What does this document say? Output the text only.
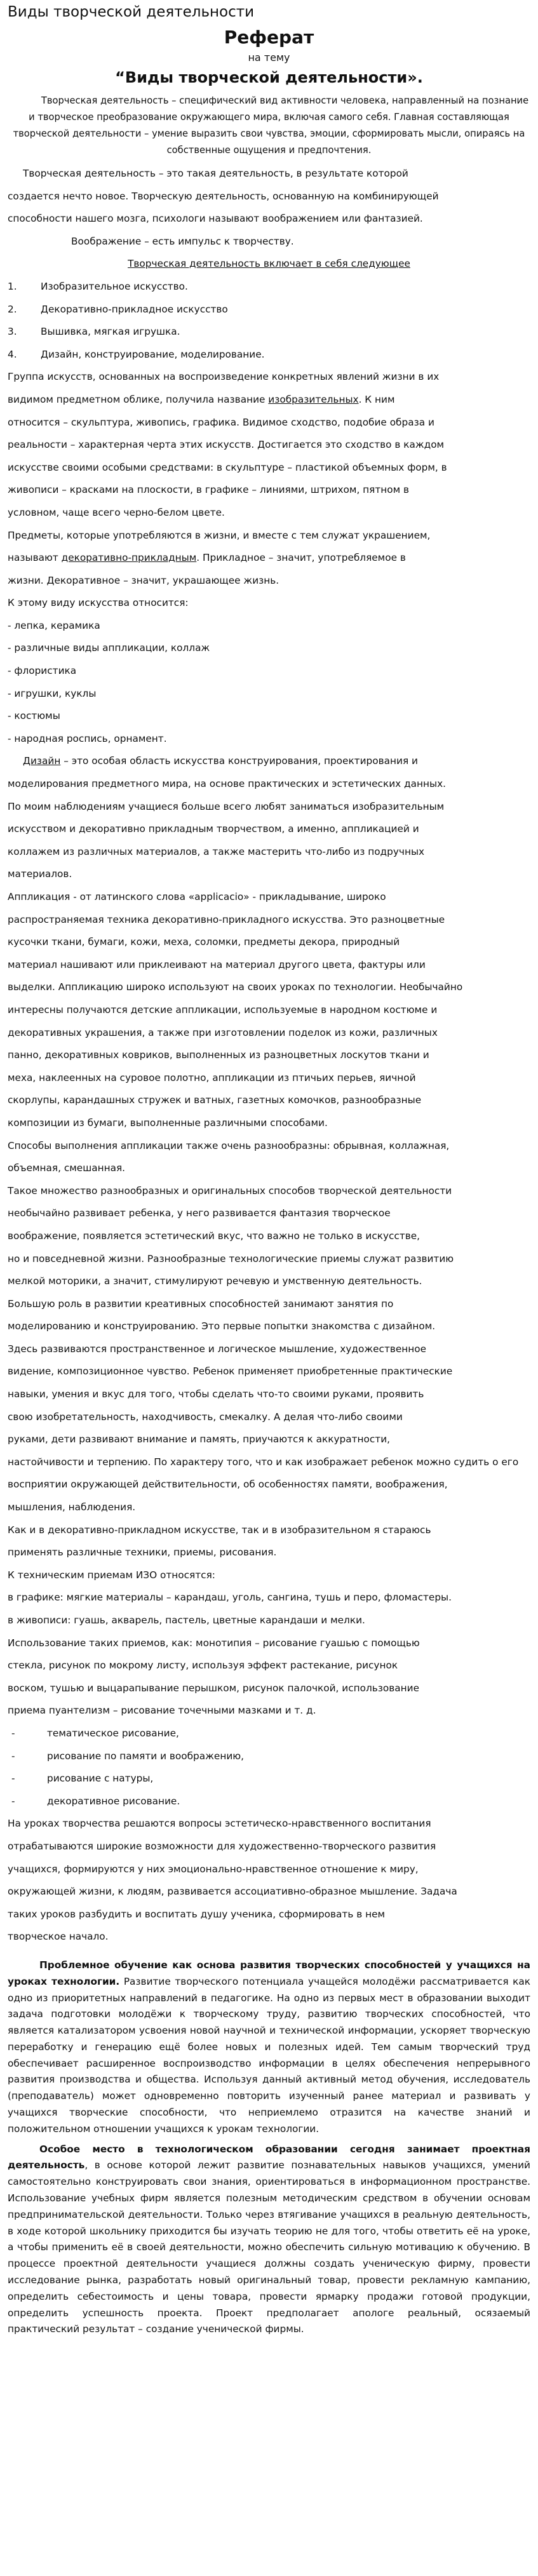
Виды творческой деятельности
Реферат
на тему
“Виды творческой деятельности».

Творческая деятельность – специфический вид активности человека, направленный на познание и творческое преобразование окружающего мира, включая самого себя. Главная составляющая творческой деятельности – умение выразить свои чувства, эмоции, сформировать мысли, опираясь на собственные ощущения и предпочтения.

Творческая деятельность – это такая деятельность, в результате которой

создается нечто новое. Творческую деятельность, основанную на комбинирующей

способности нашего мозга, психологи называют воображением или фантазией.

Воображение – есть импульс к творчеству.

Творческая деятельность включает в себя следующее

1.	Изобразительное искусство.
2.	Декоративно-прикладное искусство
3.	Вышивка, мягкая игрушка.
4.	Дизайн, конструирование, моделирование.

Группа искусств, основанных на воспроизведение конкретных явлений жизни в их

видимом предметном облике, получила название изобразительных. К ним

относится – скульптура, живопись, графика. Видимое сходство, подобие образа и

реальности – характерная черта этих искусств. Достигается это сходство в каждом

искусстве своими особыми средствами: в скульптуре – пластикой объемных форм, в

живописи – красками на плоскости, в графике – линиями, штрихом, пятном в

условном, чаще всего черно-белом цвете.

Предметы, которые употребляются в жизни, и вместе с тем служат украшением,

называют декоративно-прикладным. Прикладное – значит, употребляемое в

жизни. Декоративное – значит, украшающее жизнь.

К этому виду искусства относится:

- лепка, керамика

- различные виды аппликации, коллаж

- флористика

- игрушки, куклы

- костюмы

- народная роспись, орнамент.

Дизайн – это особая область искусства конструирования, проектирования и

моделирования предметного мира, на основе практических и эстетических данных.

По моим наблюдениям учащиеся больше всего любят заниматься изобразительным

искусством и декоративно прикладным творчеством, а именно, аппликацией и

коллажем из различных материалов, а также мастерить что-либо из подручных

материалов.

Аппликация - от латинского слова «applicacio» - прикладывание, широко

распространяемая техника декоративно-прикладного искусства. Это разноцветные

кусочки ткани, бумаги, кожи, меха, соломки, предметы декора, природный

материал нашивают или приклеивают на материал другого цвета, фактуры или

выделки. Аппликацию широко используют на своих уроках по технологии. Необычайно

интересны получаются детские аппликации, используемые в народном костюме и

декоративных украшения, а также при изготовлении поделок из кожи, различных

панно, декоративных ковриков, выполненных из разноцветных лоскутов ткани и

меха, наклеенных на суровое полотно, аппликации из птичьих перьев, яичной

скорлупы, карандашных стружек и ватных, газетных комочков, разнообразные

композиции из бумаги, выполненные различными способами.

Способы выполнения аппликации также очень разнообразны: обрывная, коллажная,

объемная, смешанная.

Такое множество разнообразных и оригинальных способов творческой деятельности

необычайно развивает ребенка, у него развивается фантазия творческое

воображение, появляется эстетический вкус, что важно не только в искусстве,

но и повседневной жизни. Разнообразные технологические приемы служат развитию

мелкой моторики, а значит, стимулируют речевую и умственную деятельность.

Большую роль в развитии креативных способностей занимают занятия по

моделированию и конструированию. Это первые попытки знакомства с дизайном.

Здесь развиваются пространственное и логическое мышление, художественное

видение, композиционное чувство. Ребенок применяет приобретенные практические

навыки, умения и вкус для того, чтобы сделать что-то своими руками, проявить

свою изобретательность, находчивость, смекалку. А делая что-либо своими

руками, дети развивают внимание и память, приучаются к аккуратности,

настойчивости и терпению. По характеру того, что и как изображает ребенок можно судить о его

восприятии окружающей действительности, об особенностях памяти, воображения,

мышления, наблюдения.

Как и в декоративно-прикладном искусстве, так и в изобразительном я стараюсь

применять различные техники, приемы, рисования.

К техническим приемам ИЗО относятся:

в графике: мягкие материалы – карандаш, уголь, сангина, тушь и перо, фломастеры.

в живописи: гуашь, акварель, пастель, цветные карандаши и мелки.

Использование таких приемов, как: монотипия – рисование гуашью с помощью

стекла, рисунок по мокрому листу, используя эффект растекание, рисунок

воском, тушью и выцарапывание перышком, рисунок палочкой, использование

приема пуантелизм – рисование точечными мазками и т. д.

-	тематическое рисование,
-	рисование по памяти и воображению,
-	рисование с натуры,
-	декоративное рисование.

На уроках творчества решаются вопросы эстетическо-нравственного воспитания

отрабатываются широкие возможности для художественно-творческого развития

учащихся, формируются у них эмоционально-нравственное отношение к миру,

окружающей жизни, к людям, развивается ассоциативно-образное мышление. Задача

таких уроков разбудить и воспитать душу ученика, сформировать в нем

творческое начало.

Проблемное обучение как основа развития творческих способностей у учащихся на уроках технологии. Развитие творческого потенциала учащейся молодёжи рассматривается как одно из приоритетных направлений в педагогике. На одно из первых мест в образовании выходит задача подготовки молодёжи к творческому труду, развитию творческих способностей, что является катализатором усвоения новой научной и технической информации, ускоряет творческую переработку и генерацию ещё более новых и полезных идей. Тем самым творческий труд обеспечивает расширенное воспроизводство информации в целях обеспечения непрерывного развития производства и общества. Используя данный активный метод обучения, исследователь (преподаватель) может одновременно повторить изученный ранее материал и развивать у учащихся творческие способности, что неприемлемо отразится на качестве знаний и положительном отношении учащихся к урокам технологии.
Особое место в технологическом образовании сегодня занимает проектная деятельность, в основе которой лежит развитие познавательных навыков учащихся, умений самостоятельно конструировать свои знания, ориентироваться в информационном пространстве. Использование учебных фирм является полезным методическим средством в обучении основам предпринимательской деятельности. Только через втягивание учащихся в реальную деятельность, в ходе которой школьнику приходится бы изучать теорию не для того, чтобы ответить её на уроке, а чтобы применить её в своей деятельности, можно обеспечить сильную мотивацию к обучению. В процессе проектной деятельности учащиеся должны создать ученическую фирму, провести исследование рынка, разработать новый оригинальный товар, провести рекламную кампанию, определить себестоимость и цены товара, провести ярмарку продажи готовой продукции, определить успешность проекта. Проект предполагает апологе реальный, осязаемый практический результат – создание ученической фирмы.
